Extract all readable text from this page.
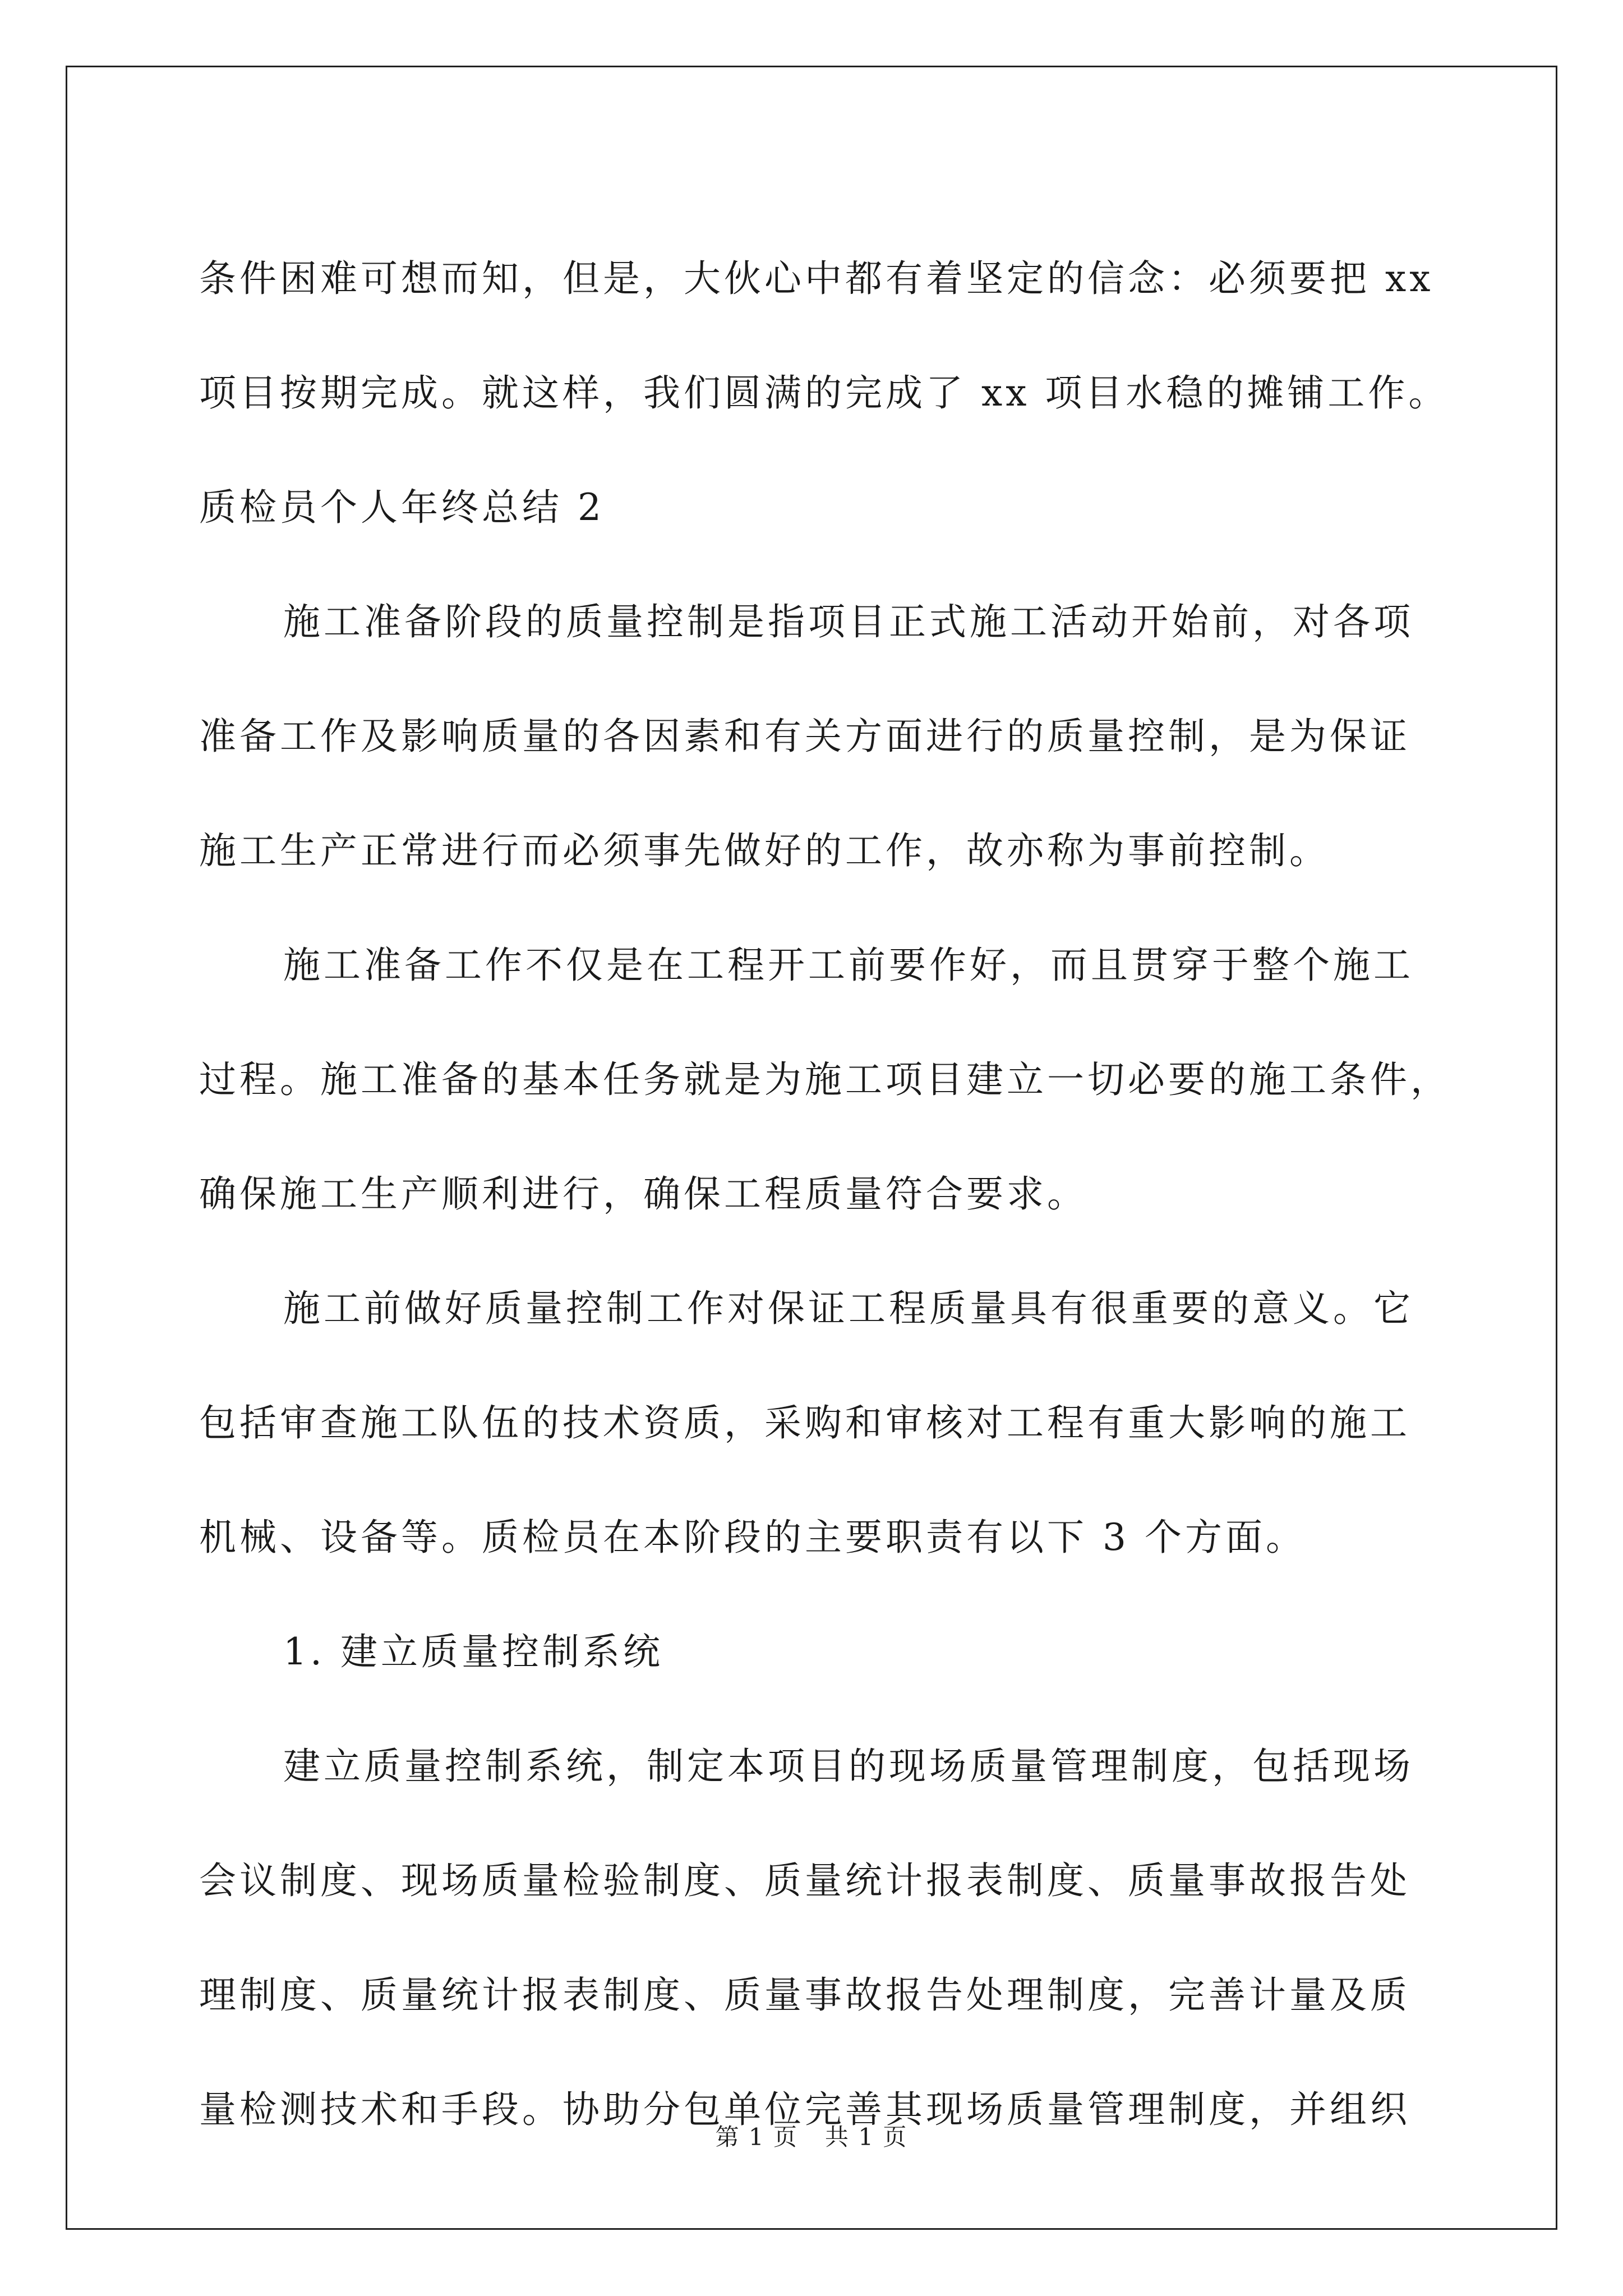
条件困难可想而知，但是，大伙心中都有着坚定的信念：必须要把 xx
项目按期完成。就这样，我们圆满的完成了 xx 项目水稳的摊铺工作。
质检员个人年终总结 2
施工准备阶段的质量控制是指项目正式施工活动开始前，对各项
准备工作及影响质量的各因素和有关方面进行的质量控制，是为保证
施工生产正常进行而必须事先做好的工作，故亦称为事前控制。
施工准备工作不仅是在工程开工前要作好，而且贯穿于整个施工
过程。施工准备的基本任务就是为施工项目建立一切必要的施工条件，
确保施工生产顺利进行，确保工程质量符合要求。
施工前做好质量控制工作对保证工程质量具有很重要的意义。它
包括审查施工队伍的技术资质，采购和审核对工程有重大影响的施工
机械、设备等。质检员在本阶段的主要职责有以下 3 个方面。
1. 建立质量控制系统
建立质量控制系统，制定本项目的现场质量管理制度，包括现场
会议制度、现场质量检验制度、质量统计报表制度、质量事故报告处
理制度、质量统计报表制度、质量事故报告处理制度，完善计量及质
量检测技术和手段。协助分包单位完善其现场质量管理制度，并组织
第 1 页 共 1 页
